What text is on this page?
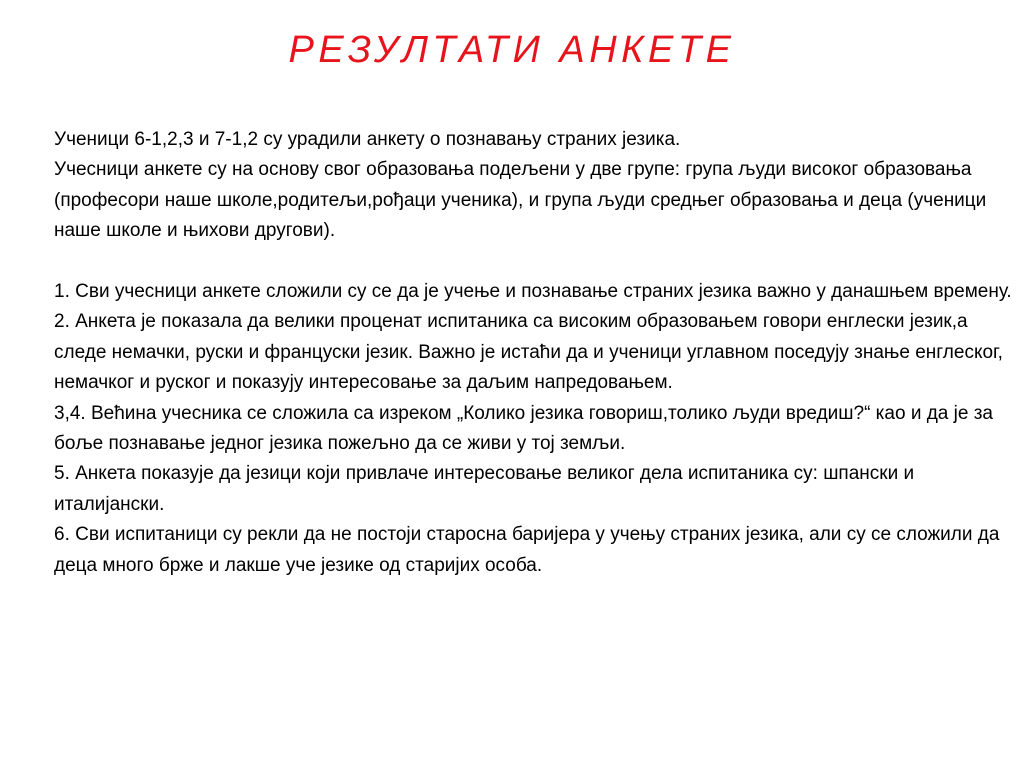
РЕЗУЛТАТИ АНКЕТЕ

Ученици 6-1,2,3 и 7-1,2 су урадили анкету о познавању страних језика.

Учесници анкете су на основу свог образовања подељени у две групе: група људи високог образовања (професори наше школе,родитељи,рођаци ученика), и група људи средњег образовања и деца (ученици наше школе и њихови другови).

1. Сви учесници анкете сложили су се да је учење и познавање страних језика важно у данашњем времену.

2. Анкета је показала да велики проценат испитаника са високим образовањем говори енглески језик,а следе немачки, руски и француски језик. Важно је истаћи да и ученици углавном поседују знање енглеског, немачког и руског и показују интересовање за даљим напредовањем.

3,4. Већина учесника се сложила са изреком „Колико језика говориш,толико људи вредиш?“ као и да је за боље познавање једног језика пожељно да се живи у тој земљи.

5. Анкета показује да језици који привлаче интересовање великог дела испитаника су: шпански и италијански.

6. Сви испитаници су рекли да не постоји старосна баријера у учењу страних језика, али су се сложили да деца много брже и лакше уче језике од старијих особа.
